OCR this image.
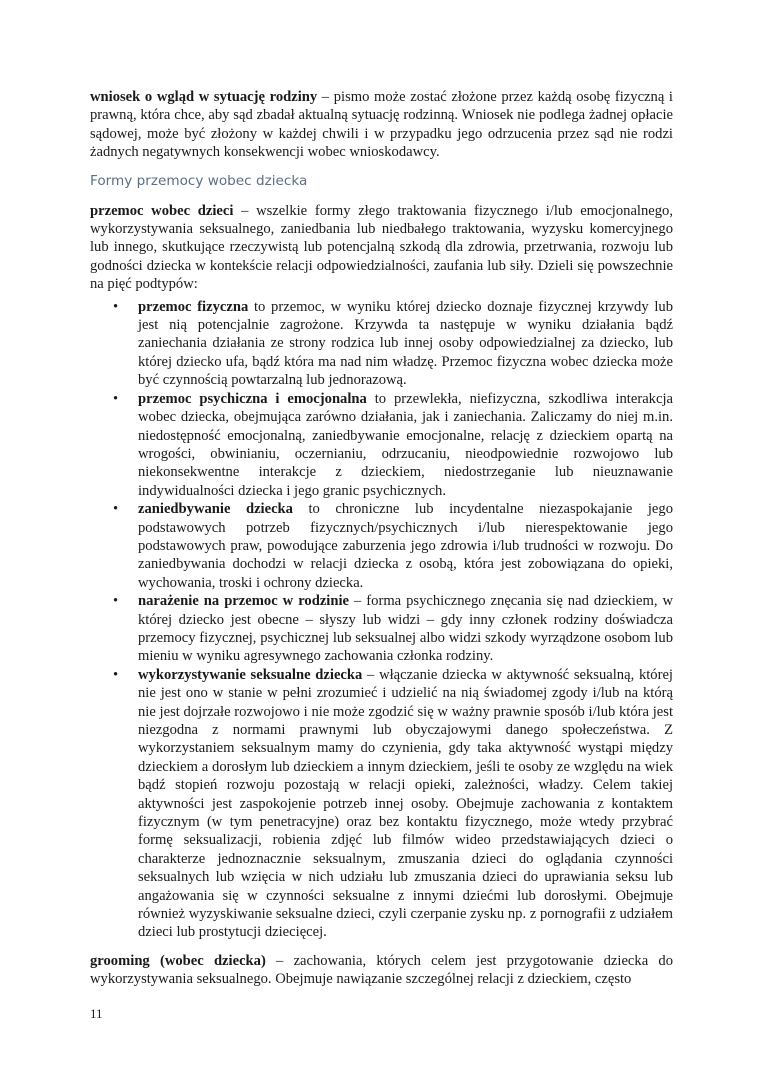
wniosek o wgląd w sytuację rodziny – pismo może zostać złożone przez każdą osobę fizyczną i prawną, która chce, aby sąd zbadał aktualną sytuację rodzinną. Wniosek nie podlega żadnej opłacie sądowej, może być złożony w każdej chwili i w przypadku jego odrzucenia przez sąd nie rodzi żadnych negatywnych konsekwencji wobec wnioskodawcy.

Formy przemocy wobec dziecka

przemoc wobec dzieci – wszelkie formy złego traktowania fizycznego i/lub emocjonalnego, wykorzystywania seksualnego, zaniedbania lub niedbałego traktowania, wyzysku komercyjnego lub innego, skutkujące rzeczywistą lub potencjalną szkodą dla zdrowia, przetrwania, rozwoju lub godności dziecka w kontekście relacji odpowiedzialności, zaufania lub siły. Dzieli się powszechnie na pięć podtypów:

• przemoc fizyczna to przemoc, w wyniku której dziecko doznaje fizycznej krzywdy lub jest nią potencjalnie zagrożone. Krzywda ta następuje w wyniku działania bądź zaniechania działania ze strony rodzica lub innej osoby odpowiedzialnej za dziecko, lub której dziecko ufa, bądź która ma nad nim władzę. Przemoc fizyczna wobec dziecka może być czynnością powtarzalną lub jednorazową.
• przemoc psychiczna i emocjonalna to przewlekła, niefizyczna, szkodliwa interakcja wobec dziecka, obejmująca zarówno działania, jak i zaniechania. Zaliczamy do niej m.in. niedostępność emocjonalną, zaniedbywanie emocjonalne, relację z dzieckiem opartą na wrogości, obwinianiu, oczernianiu, odrzucaniu, nieodpowiednie rozwojowo lub niekonsekwentne interakcje z dzieckiem, niedostrzeganie lub nieuznawanie indywidualności dziecka i jego granic psychicznych.
• zaniedbywanie dziecka to chroniczne lub incydentalne niezaspokajanie jego podstawowych potrzeb fizycznych/psychicznych i/lub nierespektowanie jego podstawowych praw, powodujące zaburzenia jego zdrowia i/lub trudności w rozwoju. Do zaniedbywania dochodzi w relacji dziecka z osobą, która jest zobowiązana do opieki, wychowania, troski i ochrony dziecka.
• narażenie na przemoc w rodzinie – forma psychicznego znęcania się nad dzieckiem, w której dziecko jest obecne – słyszy lub widzi – gdy inny członek rodziny doświadcza przemocy fizycznej, psychicznej lub seksualnej albo widzi szkody wyrządzone osobom lub mieniu w wyniku agresywnego zachowania członka rodziny.
• wykorzystywanie seksualne dziecka – włączanie dziecka w aktywność seksualną, której nie jest ono w stanie w pełni zrozumieć i udzielić na nią świadomej zgody i/lub na którą nie jest dojrzałe rozwojowo i nie może zgodzić się w ważny prawnie sposób i/lub która jest niezgodna z normami prawnymi lub obyczajowymi danego społeczeństwa. Z wykorzystaniem seksualnym mamy do czynienia, gdy taka aktywność wystąpi między dzieckiem a dorosłym lub dzieckiem a innym dzieckiem, jeśli te osoby ze względu na wiek bądź stopień rozwoju pozostają w relacji opieki, zależności, władzy. Celem takiej aktywności jest zaspokojenie potrzeb innej osoby. Obejmuje zachowania z kontaktem fizycznym (w tym penetracyjne) oraz bez kontaktu fizycznego, może wtedy przybrać formę seksualizacji, robienia zdjęć lub filmów wideo przedstawiających dzieci o charakterze jednoznacznie seksualnym, zmuszania dzieci do oglądania czynności seksualnych lub wzięcia w nich udziału lub zmuszania dzieci do uprawiania seksu lub angażowania się w czynności seksualne z innymi dziećmi lub dorosłymi. Obejmuje również wyzyskiwanie seksualne dzieci, czyli czerpanie zysku np. z pornografii z udziałem dzieci lub prostytucji dziecięcej.

grooming (wobec dziecka) – zachowania, których celem jest przygotowanie dziecka do wykorzystywania seksualnego. Obejmuje nawiązanie szczególnej relacji z dzieckiem, często

11
